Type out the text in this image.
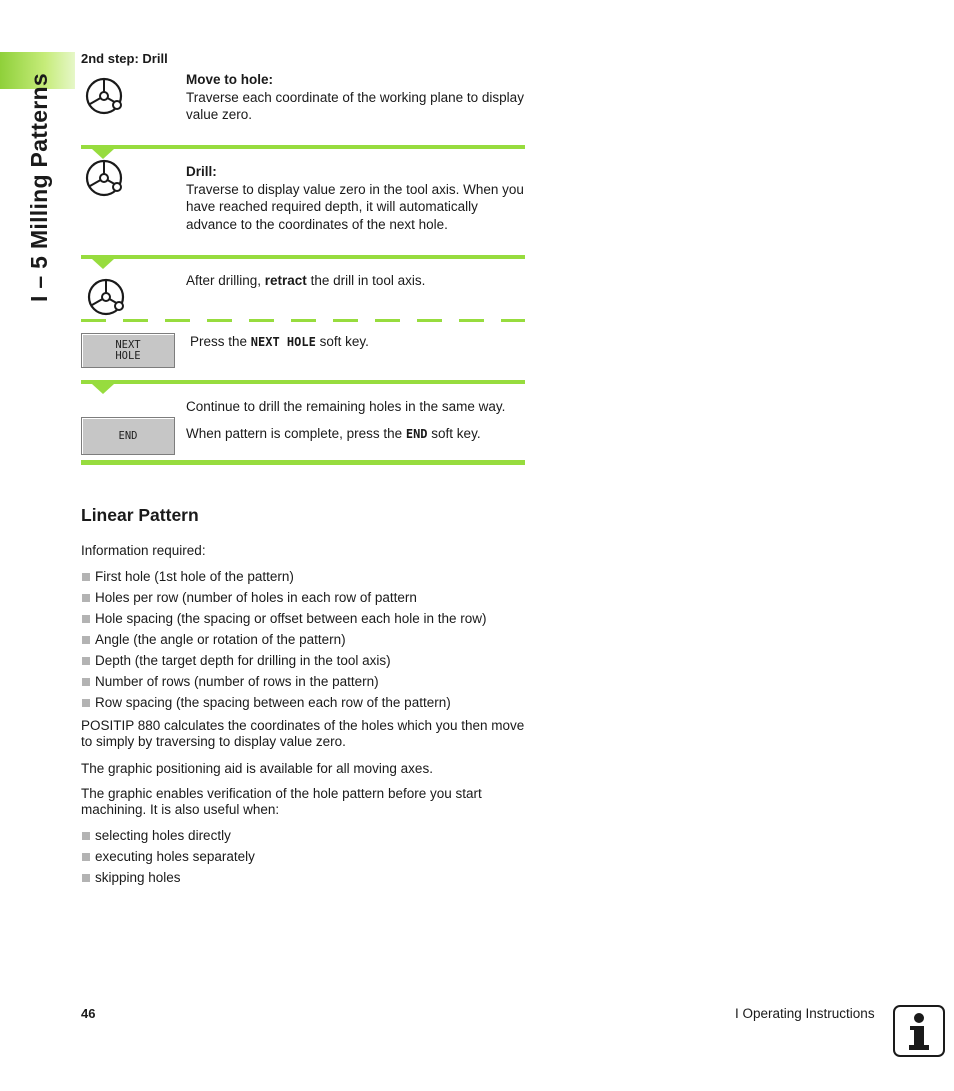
I – 5 Milling Patterns
2nd step: Drill
Move to hole:
Traverse each coordinate of the working plane to display value zero.
Drill:
Traverse to display value zero in the tool axis. When you have reached required depth, it will automatically advance to the coordinates of the next hole.
After drilling, retract the drill in tool axis.
NEXT
HOLE
Press the NEXT HOLE soft key.
Continue to drill the remaining holes in the same way.
END	When pattern is complete, press the END soft key.
Linear Pattern
Information required:
First hole (1st hole of the pattern)
Holes per row (number of holes in each row of pattern
Hole spacing (the spacing or offset between each hole in the row)
Angle (the angle or rotation of the pattern)
Depth (the target depth for drilling in the tool axis)
Number of rows (number of rows in the pattern)
Row spacing (the spacing between each row of the pattern)
POSITIP 880 calculates the coordinates of the holes which you then move to simply by traversing to display value zero.
The graphic positioning aid is available for all moving axes.
The graphic enables verification of the hole pattern before you start machining. It is also useful when:
selecting holes directly
executing holes separately
skipping holes
46	I Operating Instructions
